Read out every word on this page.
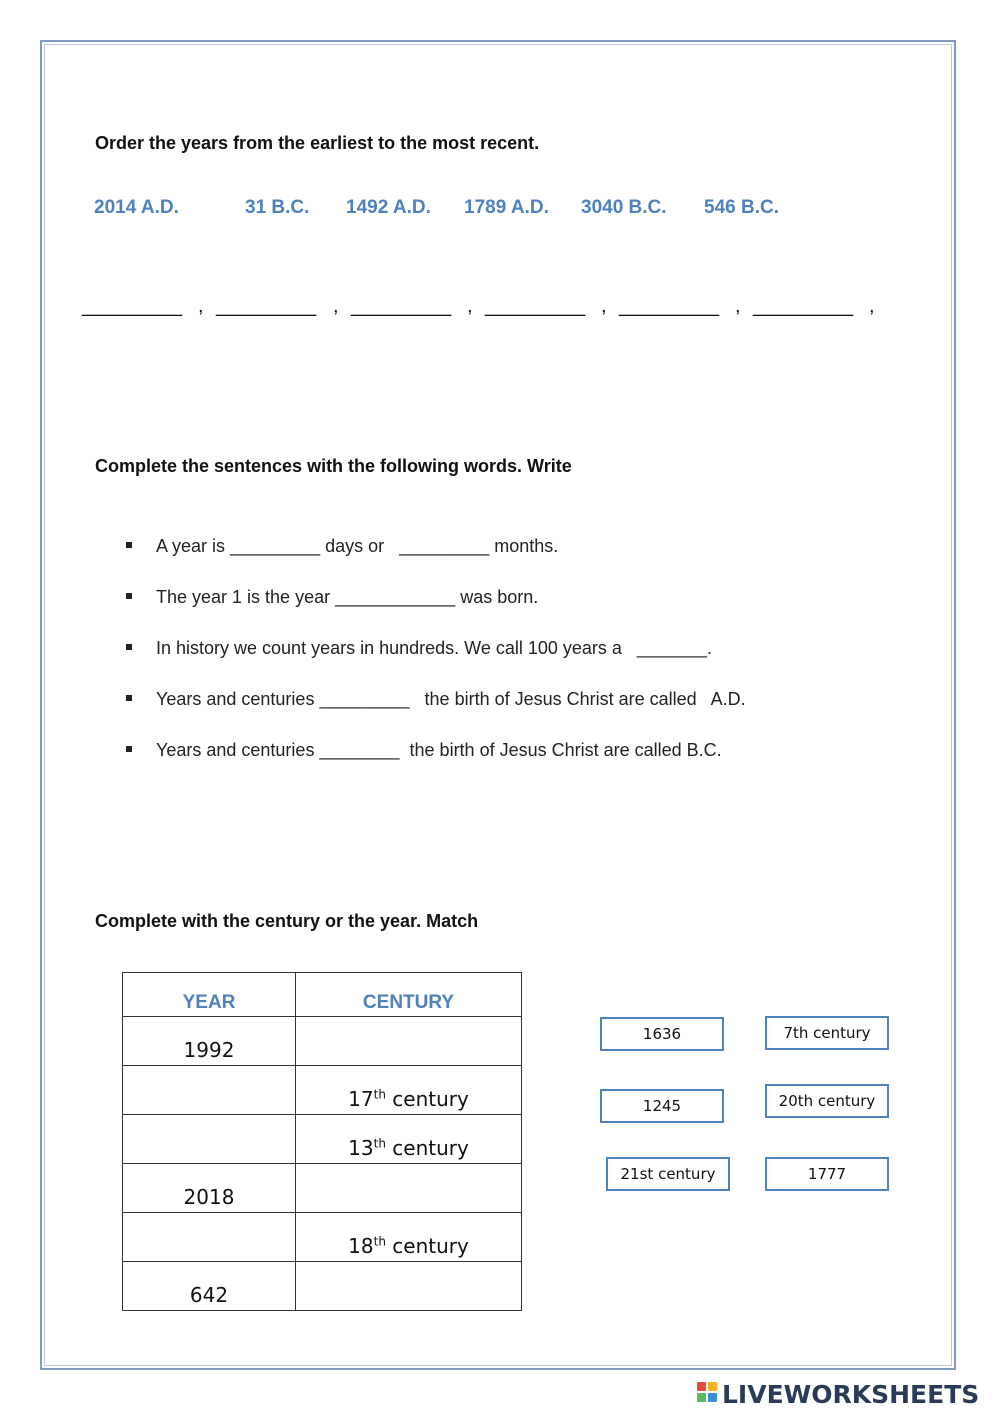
Order the years from the earliest to the most recent.
2014 A.D.	31 B.C. 1492 A.D. 1789 A.D. 3040 B.C. 546 B.C.
_________ , _________ , _________ , _________ , _________ , _________ ,
Complete the sentences with the following words. Write
A year is _________ days or   _________ months.
The year 1 is the year ____________ was born.
In history we count years in hundreds. We call 100 years a   _______.
Years and centuries _________   the birth of Jesus Christ are called   A.D.
Years and centuries ________  the birth of Jesus Christ are called B.C.
Complete with the century or the year. Match
YEAR	CENTURY
1992	
	17th century
	13th century
2018	
	18th century
642	
1636	7th century
1245	20th century
21st century	1777
LIVEWORKSHEETS
